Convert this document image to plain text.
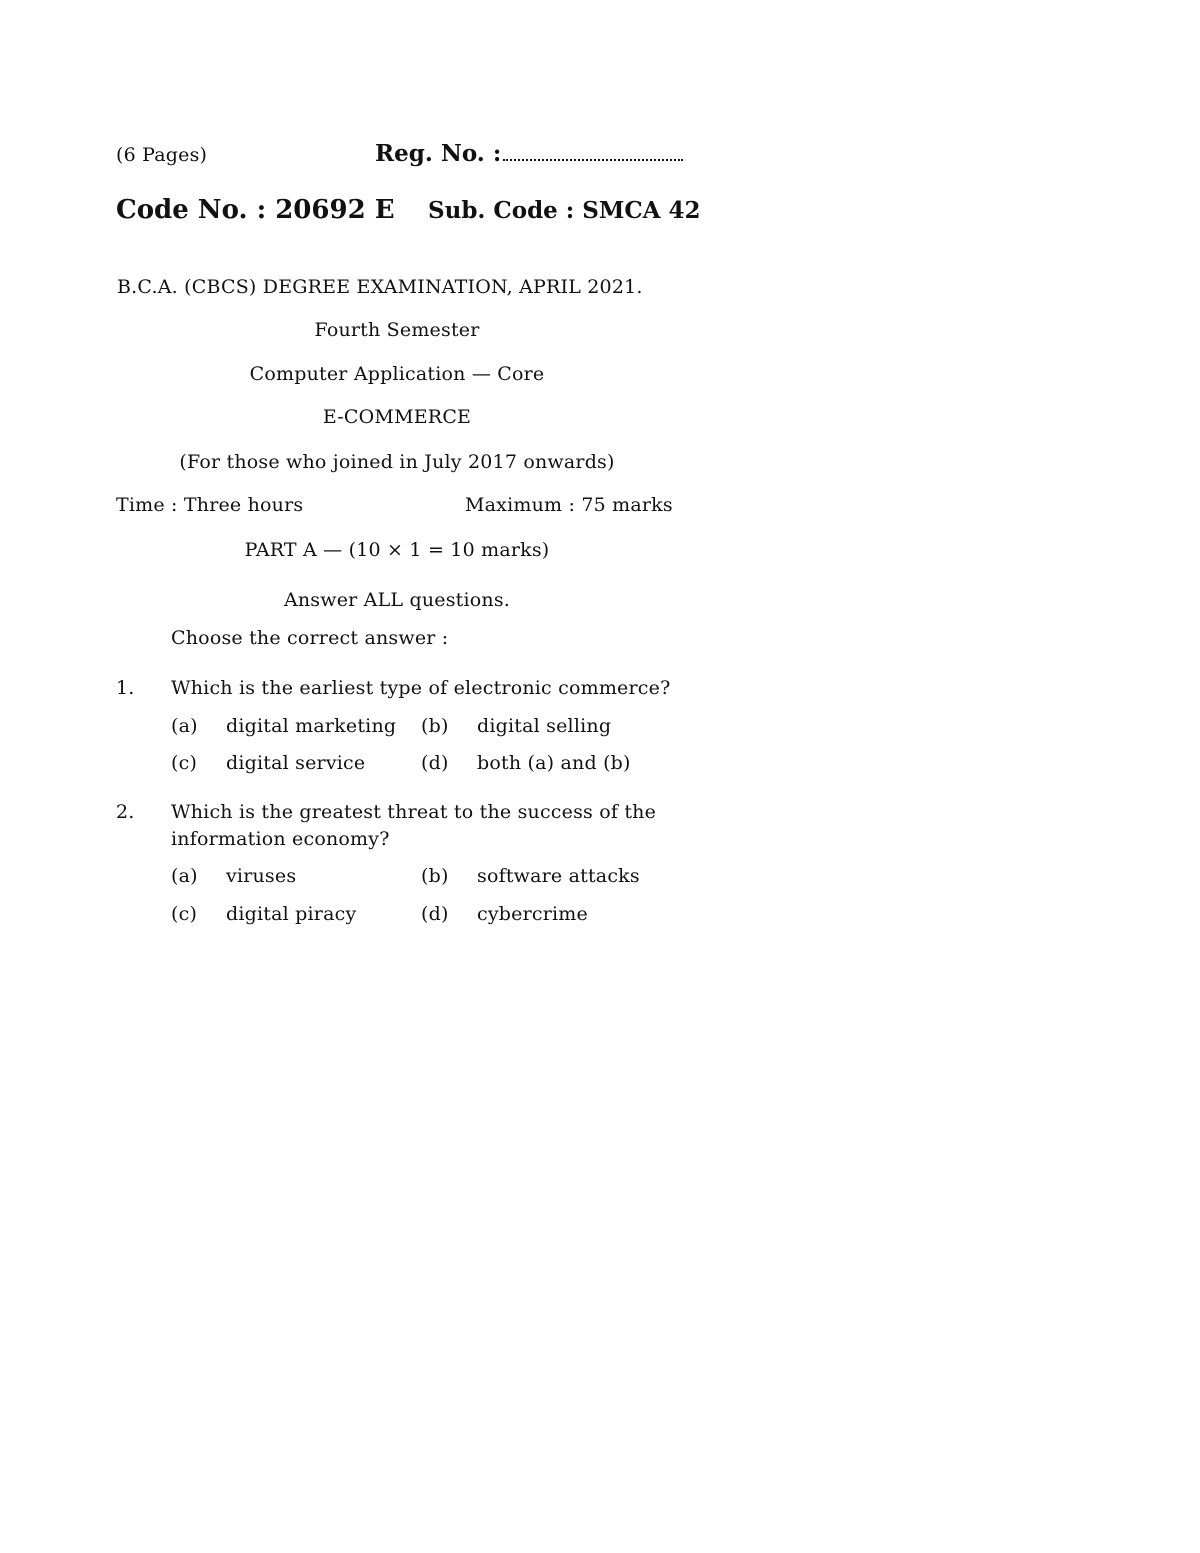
(6 Pages)	Reg. No. :
Code No. : 20692 E Sub. Code : SMCA 42
B.C.A. (CBCS) DEGREE EXAMINATION, APRIL 2021.
Fourth Semester
Computer Application — Core
E-COMMERCE
(For those who joined in July 2017 onwards)
Time : Three hours	Maximum : 75 marks
PART A — (10 × 1 = 10 marks)
Answer ALL questions.
Choose the correct answer :
1. Which is the earliest type of electronic commerce?
(a) digital marketing (b) digital selling
(c) digital service	(d) both (a) and (b)
2. Which is the greatest threat to the success of the
information economy?
(a) viruses	(b) software attacks
(c) digital piracy	(d) cybercrime
